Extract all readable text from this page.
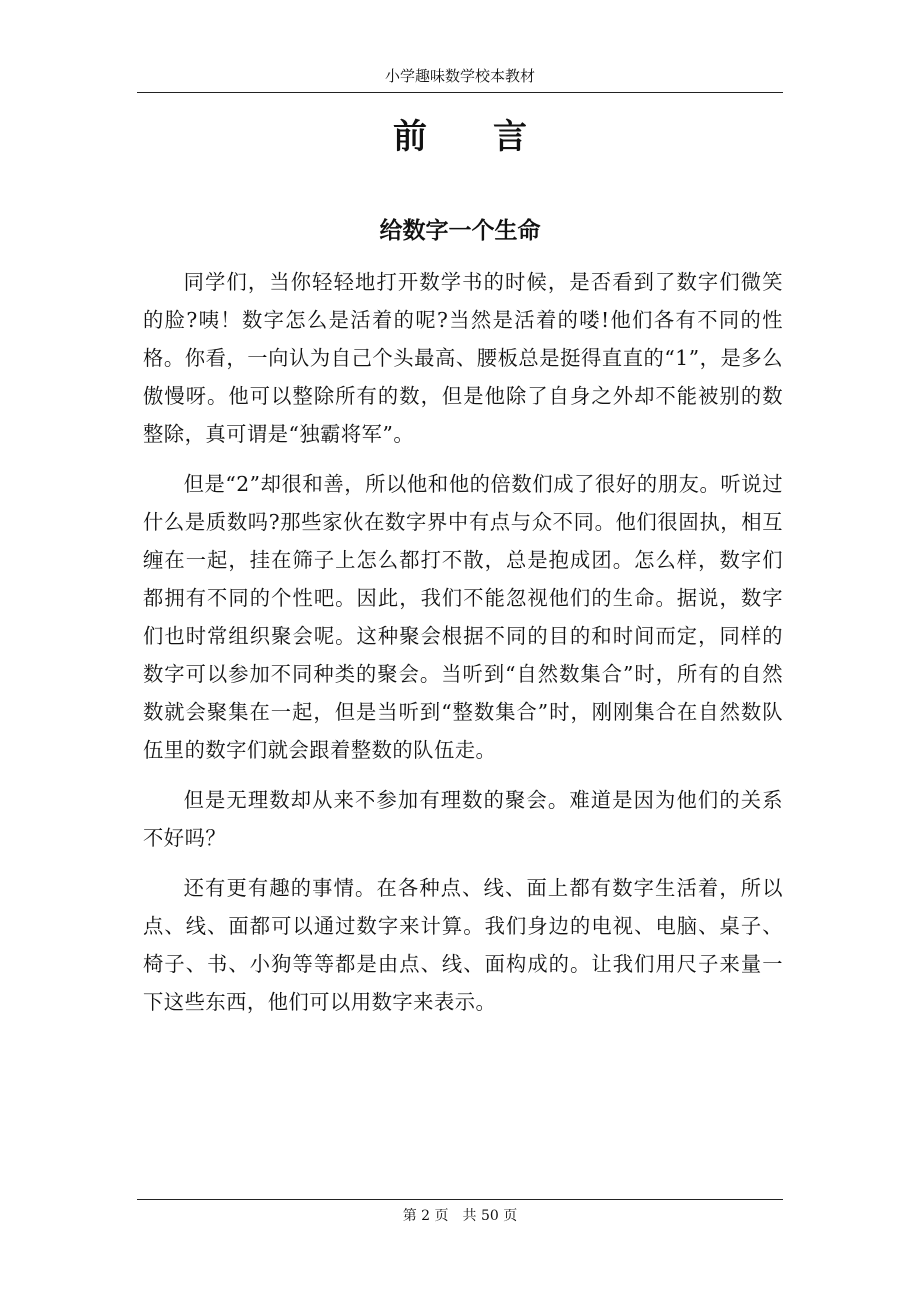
小学趣味数学校本教材
前言
给数字一个生命

同学们，当你轻轻地打开数学书的时候，是否看到了数字们微笑的脸?咦！数字怎么是活着的呢?当然是活着的喽!他们各有不同的性格。你看，一向认为自己个头最高、腰板总是挺得直直的“1”，是多么傲慢呀。他可以整除所有的数，但是他除了自身之外却不能被别的数整除，真可谓是“独霸将军”。

但是“2”却很和善，所以他和他的倍数们成了很好的朋友。听说过什么是质数吗?那些家伙在数字界中有点与众不同。他们很固执，相互缠在一起，挂在筛子上怎么都打不散，总是抱成团。怎么样，数字们都拥有不同的个性吧。因此，我们不能忽视他们的生命。据说，数字们也时常组织聚会呢。这种聚会根据不同的目的和时间而定，同样的数字可以参加不同种类的聚会。当听到“自然数集合”时，所有的自然数就会聚集在一起，但是当听到“整数集合”时，刚刚集合在自然数队伍里的数字们就会跟着整数的队伍走。

但是无理数却从来不参加有理数的聚会。难道是因为他们的关系不好吗？

还有更有趣的事情。在各种点、线、面上都有数字生活着，所以点、线、面都可以通过数字来计算。我们身边的电视、电脑、桌子、椅子、书、小狗等等都是由点、线、面构成的。让我们用尺子来量一下这些东西，他们可以用数字来表示。

第 2 页 共 50 页
